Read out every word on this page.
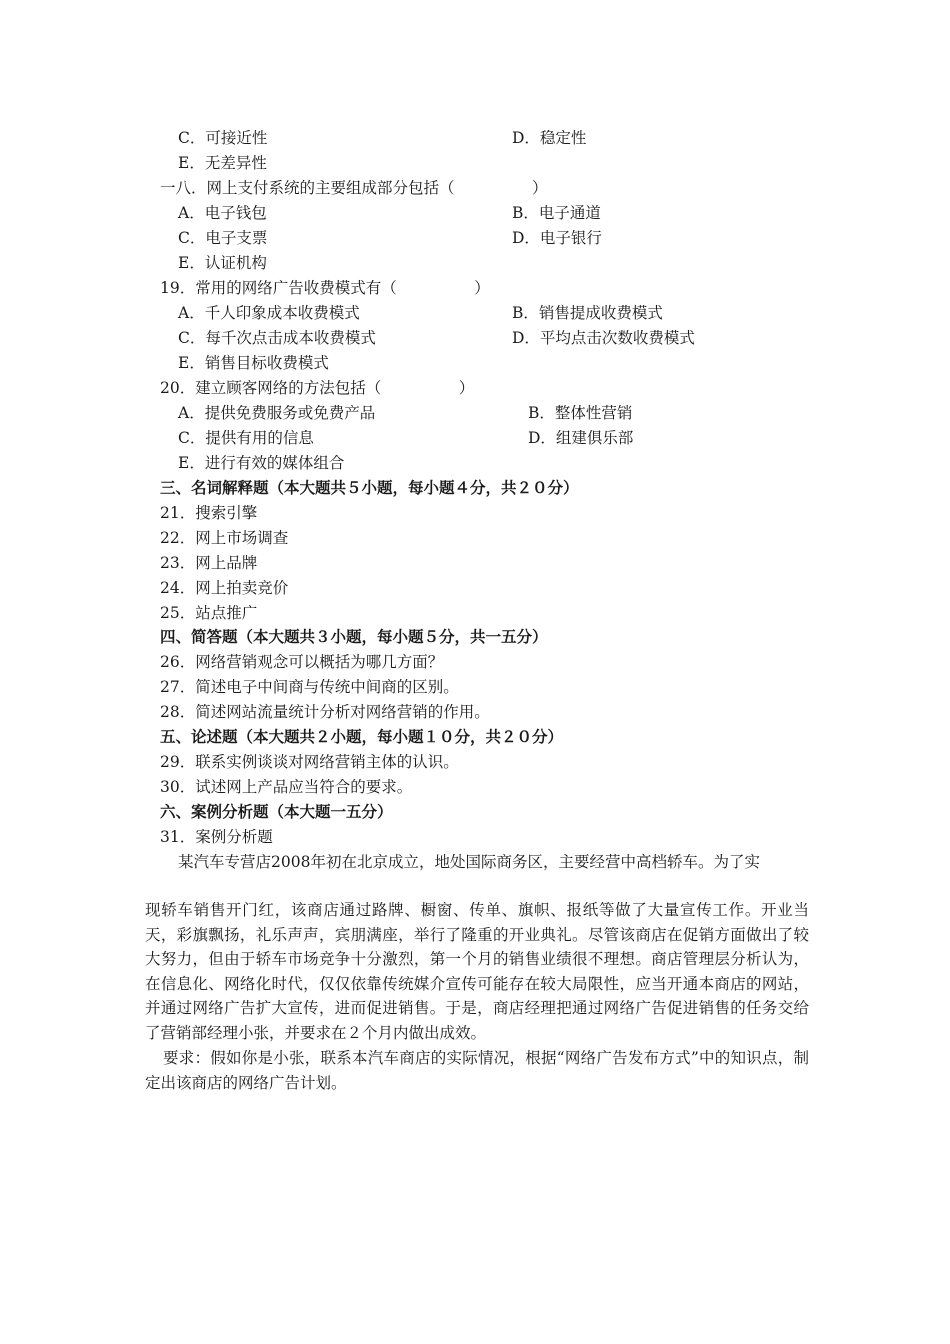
C．可接近性	D．稳定性
E．无差异性
一八．网上支付系统的主要组成部分包括（　　　　　）
A．电子钱包	B．电子通道
C．电子支票	D．电子银行
E．认证机构
19．常用的网络广告收费模式有（　　　　　）
A．千人印象成本收费模式	B．销售提成收费模式
C．每千次点击成本收费模式	D．平均点击次数收费模式
E．销售目标收费模式
20．建立顾客网络的方法包括（　　　　　）
A．提供免费服务或免费产品	B．整体性营销
C．提供有用的信息	D．组建俱乐部
E．进行有效的媒体组合
三、名词解释题（本大题共５小题，每小题４分，共２０分）
21．搜索引擎
22．网上市场调查
23．网上品牌
24．网上拍卖竞价
25．站点推广
四、简答题（本大题共３小题，每小题５分，共一五分）
26．网络营销观念可以概括为哪几方面？
27．简述电子中间商与传统中间商的区别。
28．简述网站流量统计分析对网络营销的作用。
五、论述题（本大题共２小题，每小题１０分，共２０分）
29．联系实例谈谈对网络营销主体的认识。
30．试述网上产品应当符合的要求。
六、案例分析题（本大题一五分）
31．案例分析题
某汽车专营店2008年初在北京成立，地处国际商务区，主要经营中高档轿车。为了实
现轿车销售开门红，该商店通过路牌、橱窗、传单、旗帜、报纸等做了大量宣传工作。开业当天，彩旗飘扬，礼乐声声，宾朋满座，举行了隆重的开业典礼。尽管该商店在促销方面做出了较大努力，但由于轿车市场竞争十分激烈，第一个月的销售业绩很不理想。商店管理层分析认为，在信息化、网络化时代，仅仅依靠传统媒介宣传可能存在较大局限性，应当开通本商店的网站，并通过网络广告扩大宣传，进而促进销售。于是，商店经理把通过网络广告促进销售的任务交给了营销部经理小张，并要求在２个月内做出成效。
要求：假如你是小张，联系本汽车商店的实际情况，根据“网络广告发布方式”中的知识点，制定出该商店的网络广告计划。
